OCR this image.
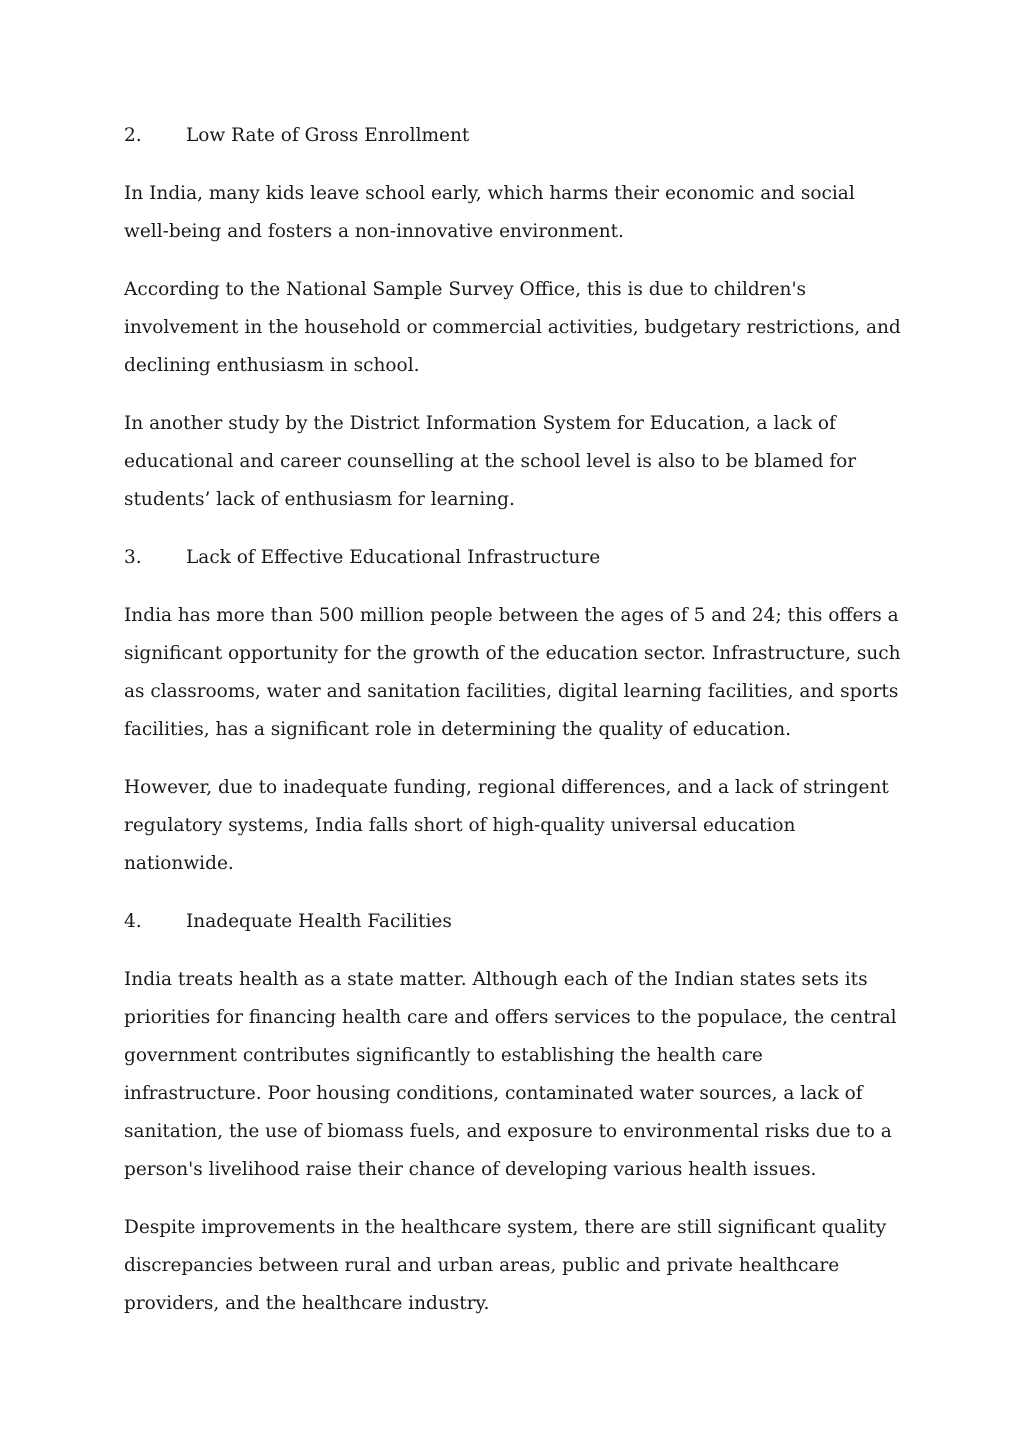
2.	Low Rate of Gross Enrollment

In India, many kids leave school early, which harms their economic and social well-being and fosters a non-innovative environment.

According to the National Sample Survey Office, this is due to children's involvement in the household or commercial activities, budgetary restrictions, and declining enthusiasm in school.

In another study by the District Information System for Education, a lack of educational and career counselling at the school level is also to be blamed for students’ lack of enthusiasm for learning.

3.	Lack of Effective Educational Infrastructure

India has more than 500 million people between the ages of 5 and 24; this offers a significant opportunity for the growth of the education sector. Infrastructure, such as classrooms, water and sanitation facilities, digital learning facilities, and sports facilities, has a significant role in determining the quality of education.

However, due to inadequate funding, regional differences, and a lack of stringent regulatory systems, India falls short of high-quality universal education nationwide.

4.	Inadequate Health Facilities

India treats health as a state matter. Although each of the Indian states sets its priorities for financing health care and offers services to the populace, the central government contributes significantly to establishing the health care infrastructure. Poor housing conditions, contaminated water sources, a lack of sanitation, the use of biomass fuels, and exposure to environmental risks due to a person's livelihood raise their chance of developing various health issues.

Despite improvements in the healthcare system, there are still significant quality discrepancies between rural and urban areas, public and private healthcare providers, and the healthcare industry.
